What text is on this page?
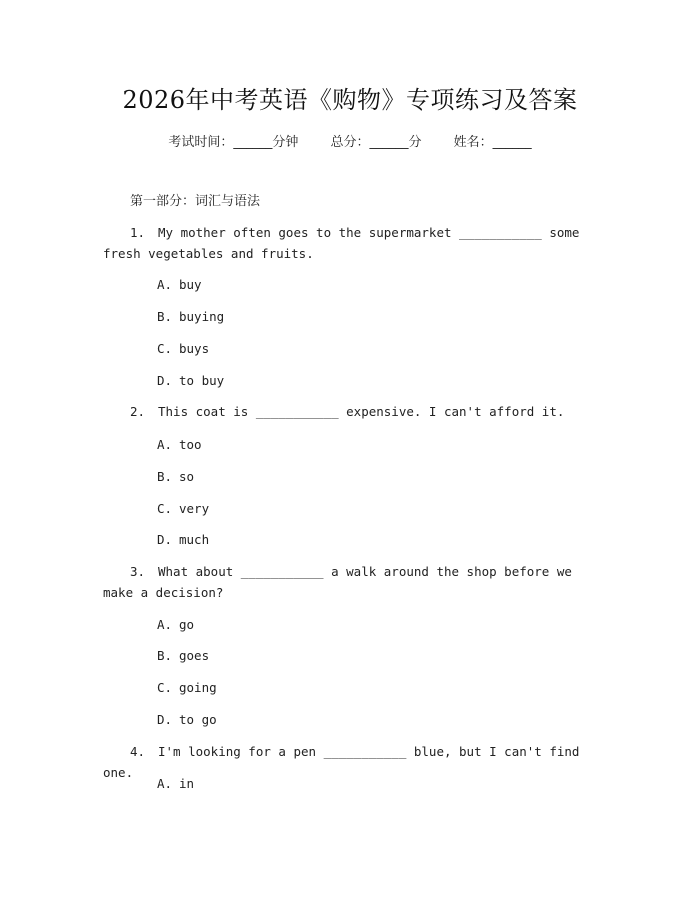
2026年中考英语《购物》专项练习及答案
考试时间：______分钟 总分：______分 姓名：______
第一部分：词汇与语法
1. My mother often goes to the supermarket ___________ some fresh vegetables and fruits.
A. buy
B. buying
C. buys
D. to buy
2. This coat is ___________ expensive. I can't afford it.
A. too
B. so
C. very
D. much
3. What about ___________ a walk around the shop before we make a decision?
A. go
B. goes
C. going
D. to go
4. I'm looking for a pen ___________ blue, but I can't find one.
A. in
